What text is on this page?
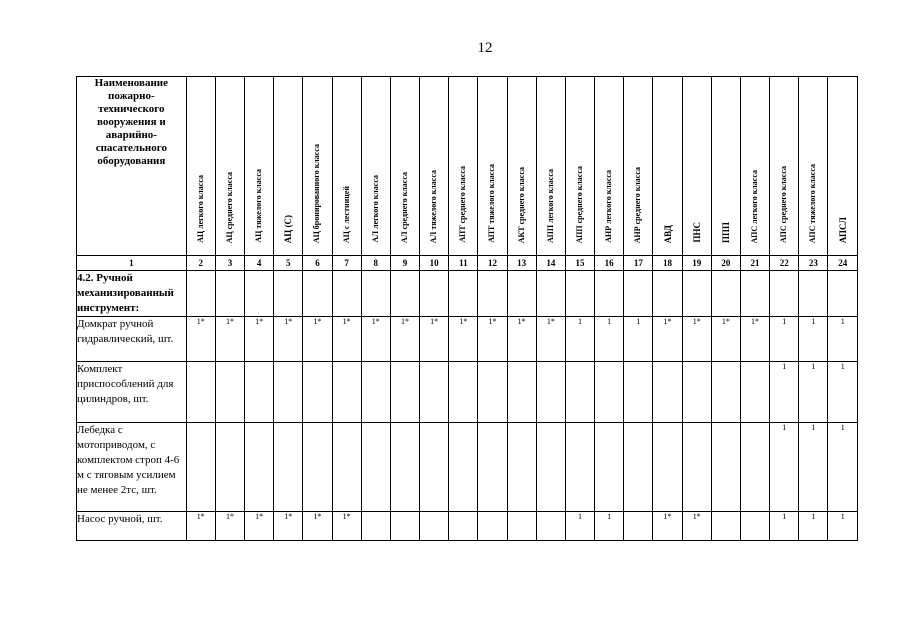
12
Наименование пожарно-технического вооружения и аварийно-спасательного оборудования	АЦ легкого класса	АЦ среднего класса	АЦ тяжелого класса	АЦ (С)	АЦ бронированного класса	АЦ с лестницей	АЛ легкого класса	АЛ среднего класса	АЛ тяжелого класса	АПТ среднего класса	АПТ тяжелого класса	АКТ среднего класса	АПП легкого класса	АПП среднего класса	АНР легкого класса	АНР среднего класса	АВД	ПНС	ППП	АПС легкого класса	АПС среднего класса	АПС тяжелого класса	АПСЛ

1	2	3	4	5	6	7	8	9	10	11	12	13	14	15	16	17	18	19	20	21	22	23	24
4.2. Ручной механизированный инструмент:																							
Домкрат ручной гидравлический, шт.	1*	1*	1*	1*	1*	1*	1*	1*	1*	1*	1*	1*	1*	1	1	1	1*	1*	1*	1*	1	1	1
Комплект приспособлений для цилиндров, шт.																					1	1	1
Лебедка с мотоприводом, с комплектом строп 4-6 м с тяговым усилием не менее 2тс, шт.																					1	1	1
Насос ручной, шт.	1*	1*	1*	1*	1*	1*								1	1		1*	1*			1	1	1
